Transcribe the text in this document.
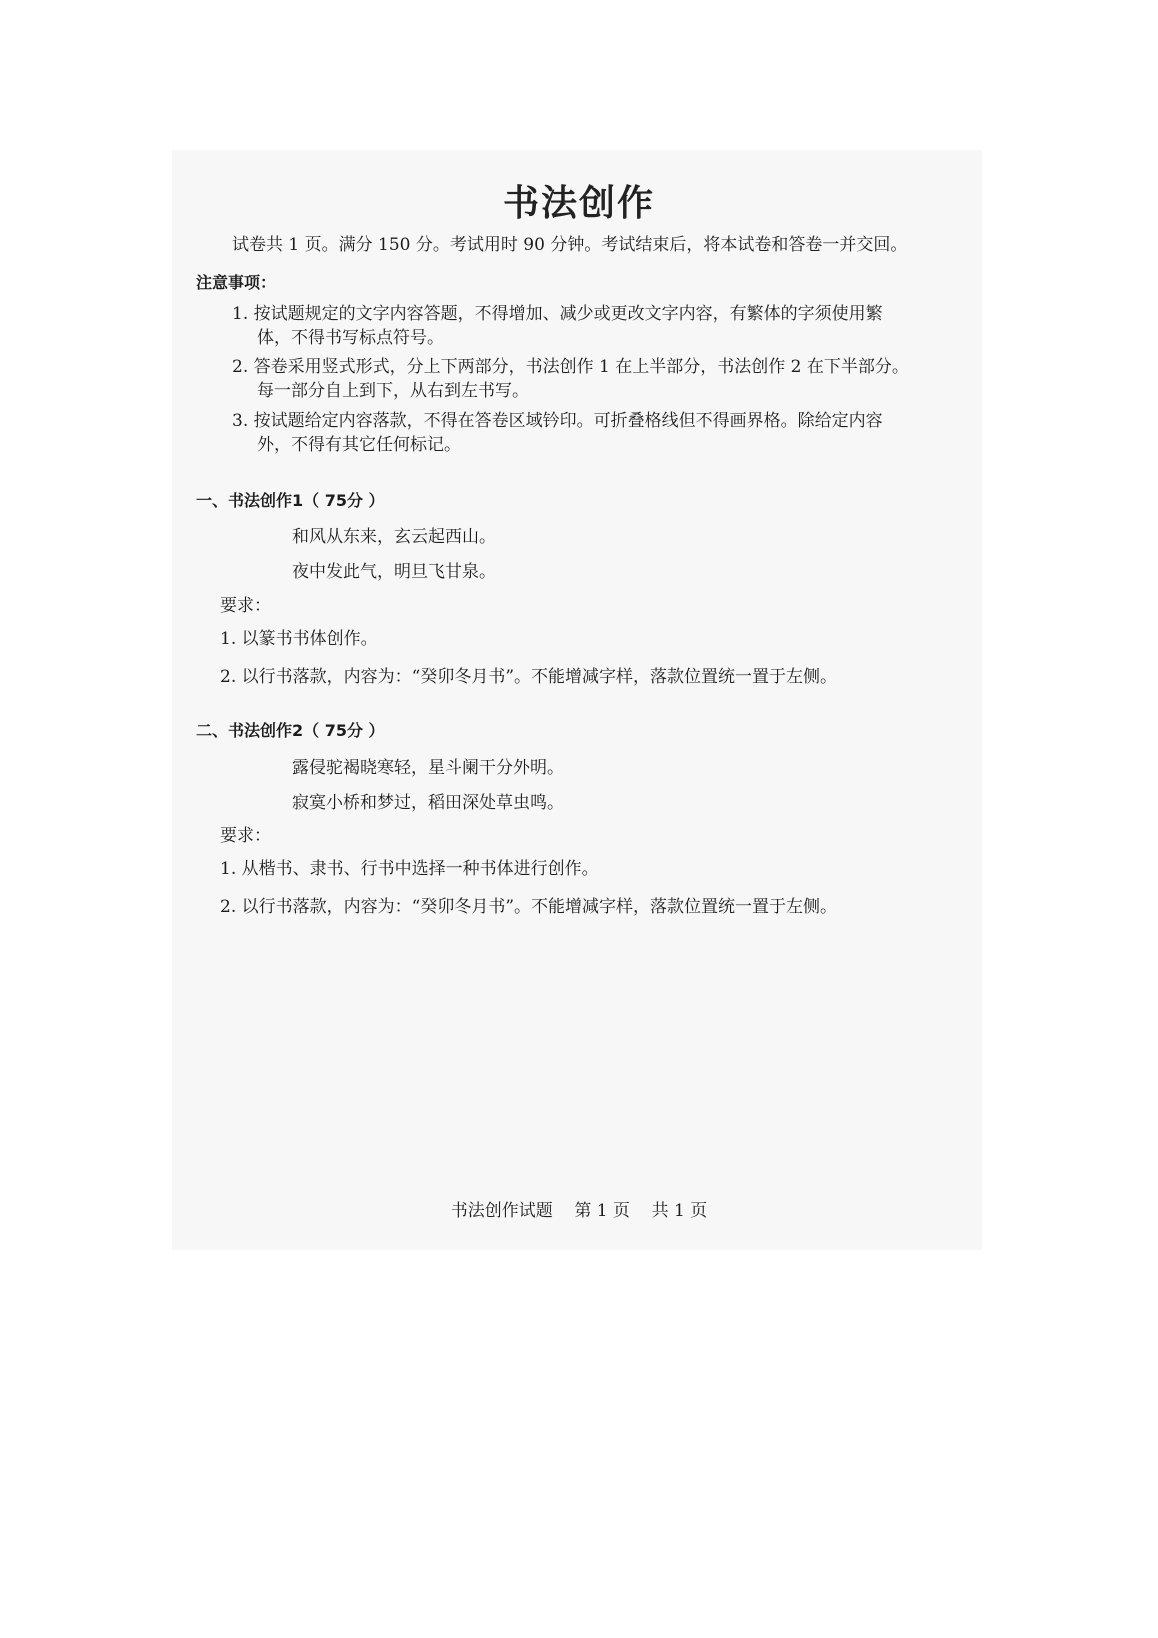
书法创作
试卷共 1 页。满分 150 分。考试用时 90 分钟。考试结束后，将本试卷和答卷一并交回。
注意事项：
1. 按试题规定的文字内容答题，不得增加、减少或更改文字内容，有繁体的字须使用繁
体，不得书写标点符号。
2. 答卷采用竖式形式，分上下两部分，书法创作 1 在上半部分，书法创作 2 在下半部分。
每一部分自上到下，从右到左书写。
3. 按试题给定内容落款，不得在答卷区域钤印。可折叠格线但不得画界格。除给定内容
外，不得有其它任何标记。
一、书法创作1（ 75分 ）
和风从东来，玄云起西山。
夜中发此气，明旦飞甘泉。
要求：
1. 以篆书书体创作。
2. 以行书落款，内容为：“癸卯冬月书”。不能增减字样，落款位置统一置于左侧。
二、书法创作2（ 75分 ）
露侵驼褐晓寒轻，星斗阑干分外明。
寂寞小桥和梦过，稻田深处草虫鸣。
要求：
1. 从楷书、隶书、行书中选择一种书体进行创作。
2. 以行书落款，内容为：“癸卯冬月书”。不能增减字样，落款位置统一置于左侧。
书法创作试题    第 1 页    共 1 页
